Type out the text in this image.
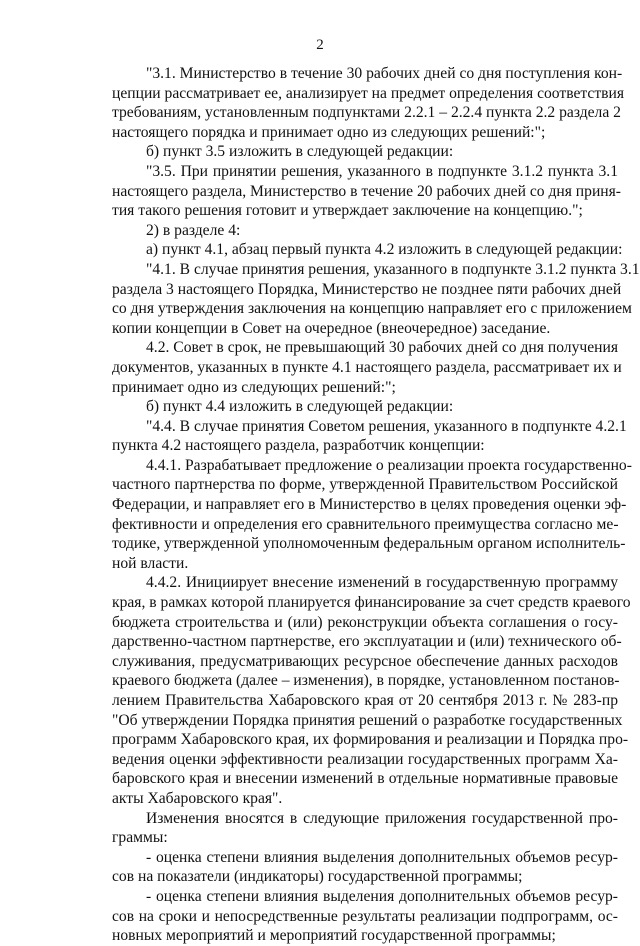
2
"3.1. Министерство в течение 30 рабочих дней со дня поступления кон-
цепции рассматривает ее, анализирует на предмет определения соответствия
требованиям, установленным подпунктами 2.2.1 – 2.2.4 пункта 2.2 раздела 2
настоящего порядка и принимает одно из следующих решений:";
б) пункт 3.5 изложить в следующей редакции:
"3.5. При принятии решения, указанного в подпункте 3.1.2 пункта 3.1
настоящего раздела, Министерство в течение 20 рабочих дней со дня приня-
тия такого решения готовит и утверждает заключение на концепцию.";
2) в разделе 4:
а) пункт 4.1, абзац первый пункта 4.2 изложить в следующей редакции:
"4.1. В случае принятия решения, указанного в подпункте 3.1.2 пункта 3.1
раздела 3 настоящего Порядка, Министерство не позднее пяти рабочих дней
со дня утверждения заключения на концепцию направляет его с приложением
копии концепции в Совет на очередное (внеочередное) заседание.
4.2. Совет в срок, не превышающий 30 рабочих дней со дня получения
документов, указанных в пункте 4.1 настоящего раздела, рассматривает их и
принимает одно из следующих решений:";
б) пункт 4.4 изложить в следующей редакции:
"4.4. В случае принятия Советом решения, указанного в подпункте 4.2.1
пункта 4.2 настоящего раздела, разработчик концепции:
4.4.1. Разрабатывает предложение о реализации проекта государственно-
частного партнерства по форме, утвержденной Правительством Российской
Федерации, и направляет его в Министерство в целях проведения оценки эф-
фективности и определения его сравнительного преимущества согласно ме-
тодике, утвержденной уполномоченным федеральным органом исполнитель-
ной власти.
4.4.2. Инициирует внесение изменений в государственную программу
края, в рамках которой планируется финансирование за счет средств краевого
бюджета строительства и (или) реконструкции объекта соглашения о госу-
дарственно-частном партнерстве, его эксплуатации и (или) технического об-
служивания, предусматривающих ресурсное обеспечение данных расходов
краевого бюджета (далее – изменения), в порядке, установленном постанов-
лением Правительства Хабаровского края от 20 сентября 2013 г. № 283-пр
"Об утверждении Порядка принятия решений о разработке государственных
программ Хабаровского края, их формирования и реализации и Порядка про-
ведения оценки эффективности реализации государственных программ Ха-
баровского края и внесении изменений в отдельные нормативные правовые
акты Хабаровского края".
Изменения вносятся в следующие приложения государственной про-
граммы:
- оценка степени влияния выделения дополнительных объемов ресур-
сов на показатели (индикаторы) государственной программы;
- оценка степени влияния выделения дополнительных объемов ресур-
сов на сроки и непосредственные результаты реализации подпрограмм, ос-
новных мероприятий и мероприятий государственной программы;
